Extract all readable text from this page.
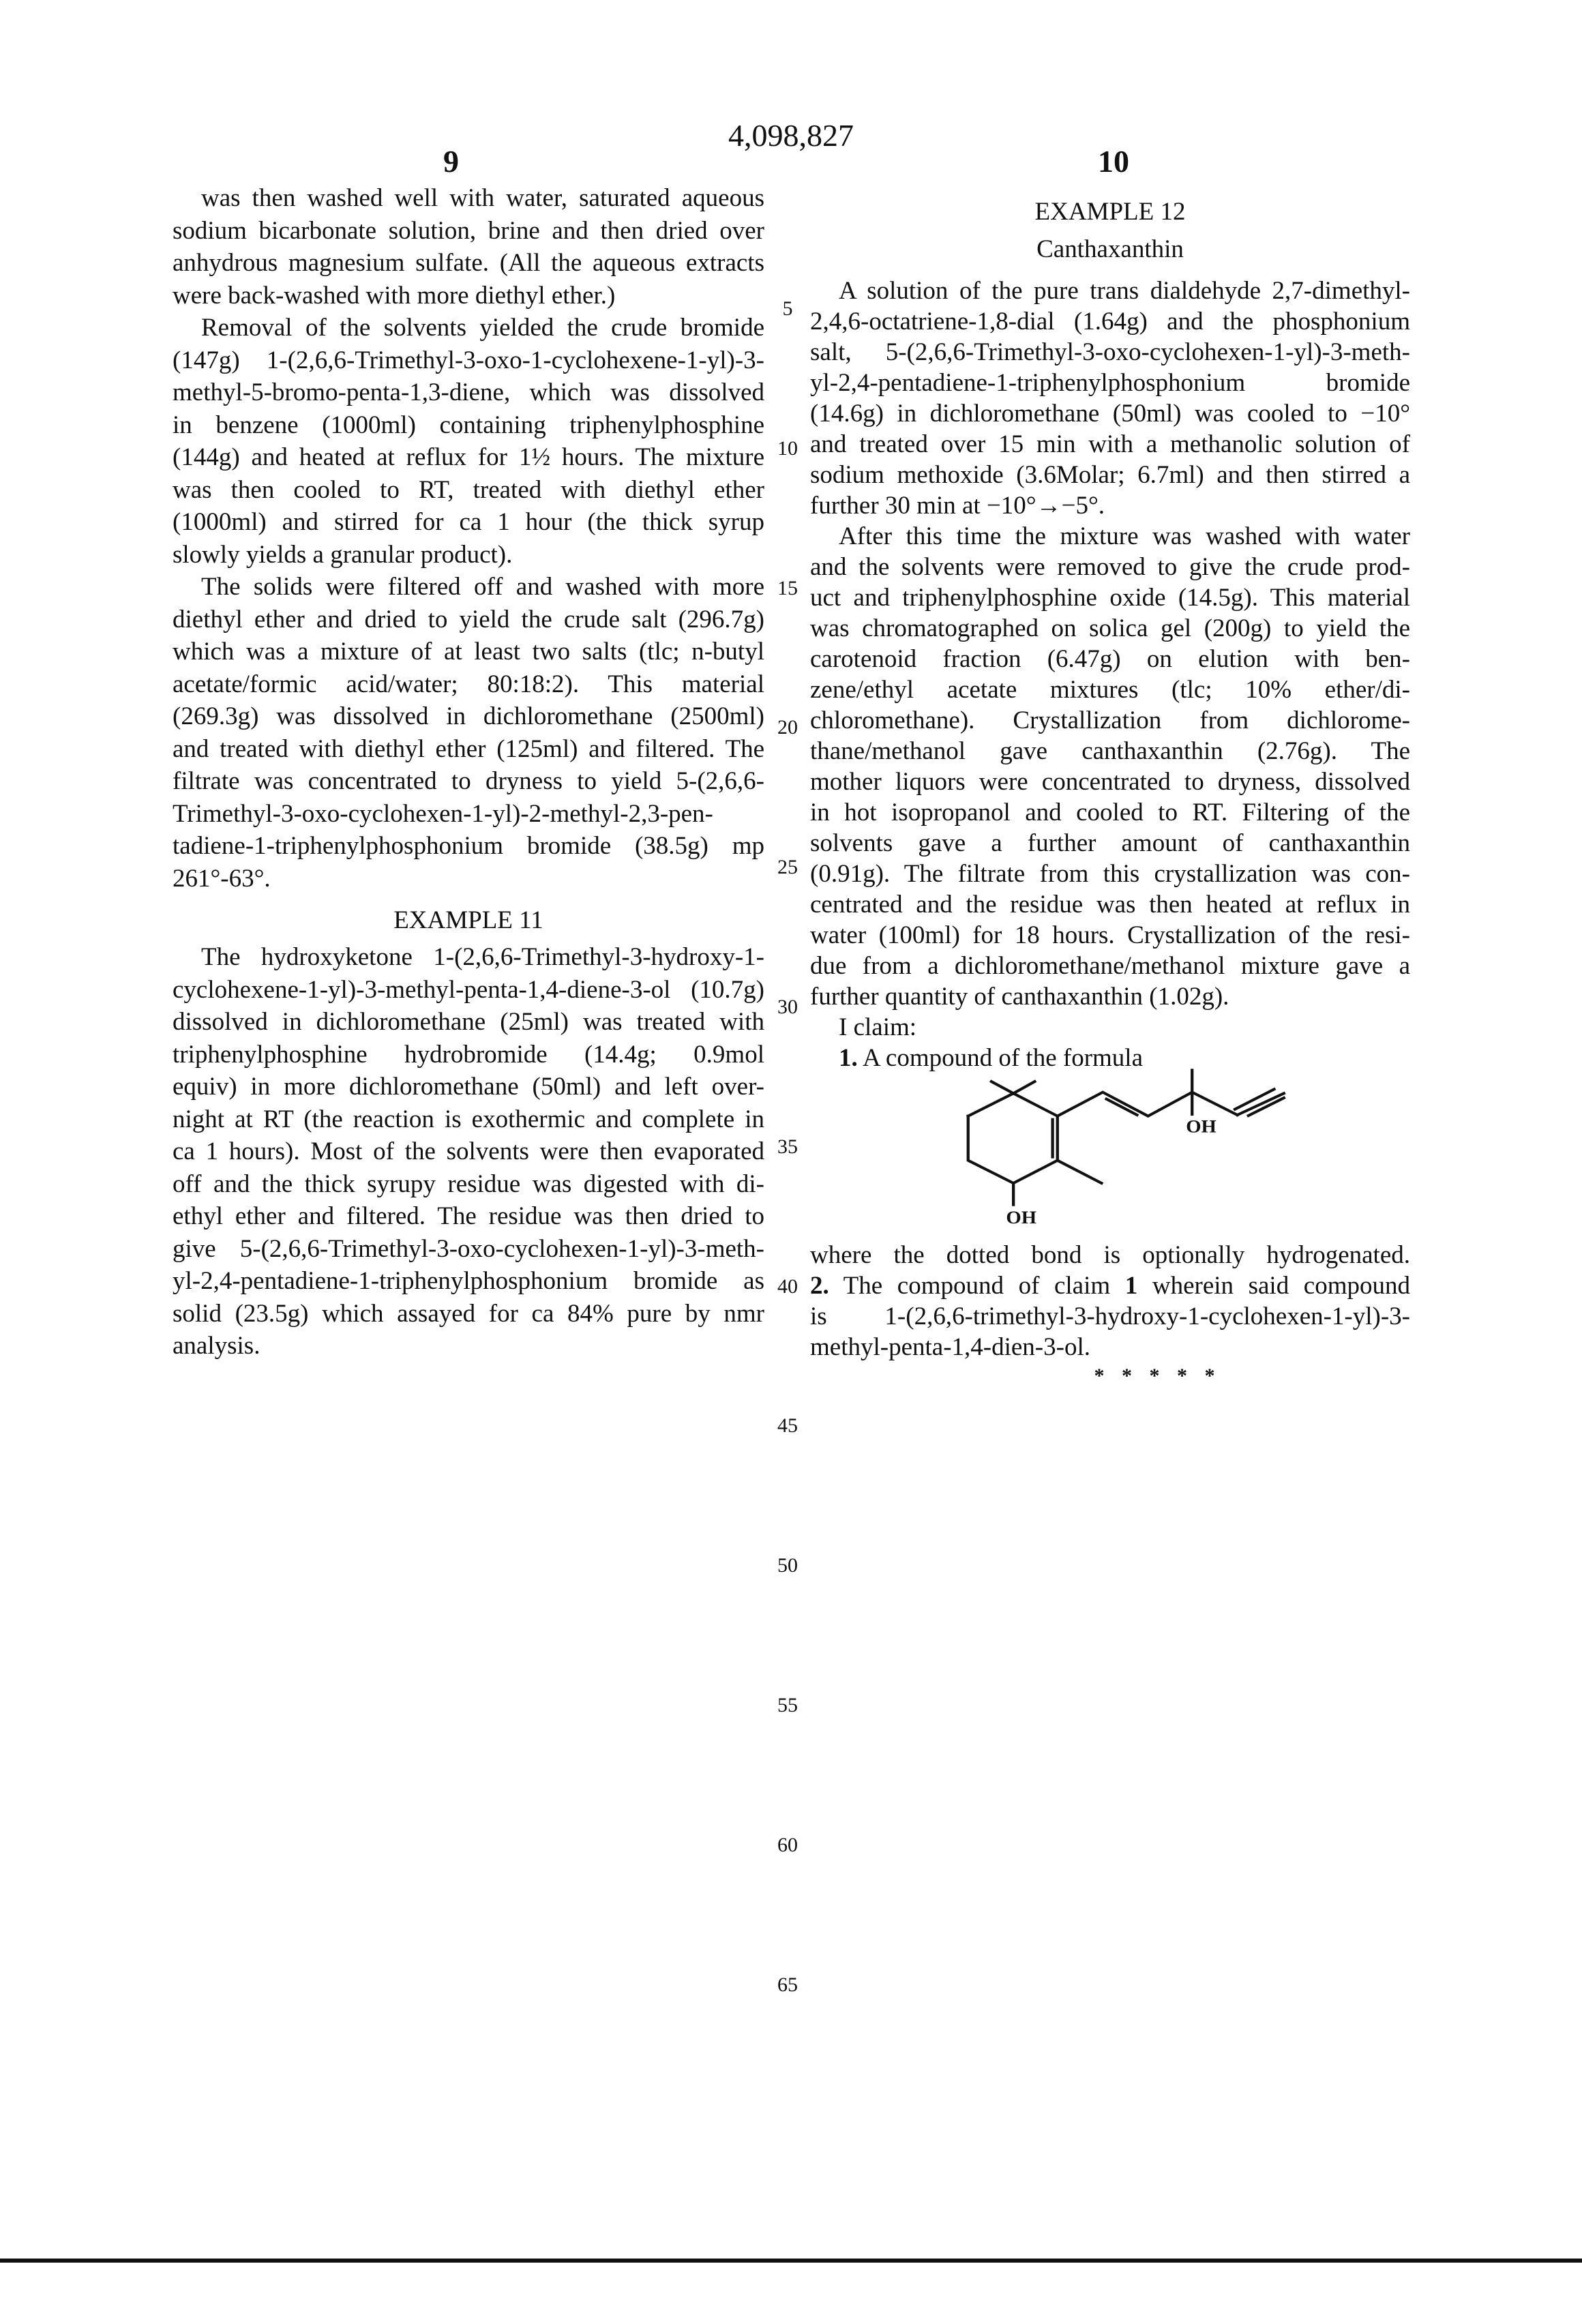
4,098,827
9	10
was then washed well with water, saturated aqueous
sodium bicarbonate solution, brine and then dried over
anhydrous magnesium sulfate. (All the aqueous extracts
were back-washed with more diethyl ether.)
Removal of the solvents yielded the crude bromide
(147g) 1-(2,6,6-Trimethyl-3-oxo-1-cyclohexene-1-yl)-3-
methyl-5-bromo-penta-1,3-diene, which was dissolved
in benzene (1000ml) containing triphenylphosphine
(144g) and heated at reflux for 1½ hours. The mixture
was then cooled to RT, treated with diethyl ether
(1000ml) and stirred for ca 1 hour (the thick syrup
slowly yields a granular product).
The solids were filtered off and washed with more
diethyl ether and dried to yield the crude salt (296.7g)
which was a mixture of at least two salts (tlc; n-butyl
acetate/formic acid/water; 80:18:2). This material
(269.3g) was dissolved in dichloromethane (2500ml)
and treated with diethyl ether (125ml) and filtered. The
filtrate was concentrated to dryness to yield 5-(2,6,6-
Trimethyl-3-oxo-cyclohexen-1-yl)-2-methyl-2,3-pen-
tadiene-1-triphenylphosphonium bromide (38.5g) mp
261°-63°.
EXAMPLE 11
The hydroxyketone 1-(2,6,6-Trimethyl-3-hydroxy-1-
cyclohexene-1-yl)-3-methyl-penta-1,4-diene-3-ol (10.7g)
dissolved in dichloromethane (25ml) was treated with
triphenylphosphine hydrobromide (14.4g; 0.9mol
equiv) in more dichloromethane (50ml) and left over-
night at RT (the reaction is exothermic and complete in
ca 1 hours). Most of the solvents were then evaporated
off and the thick syrupy residue was digested with di-
ethyl ether and filtered. The residue was then dried to
give 5-(2,6,6-Trimethyl-3-oxo-cyclohexen-1-yl)-3-meth-
yl-2,4-pentadiene-1-triphenylphosphonium bromide as
solid (23.5g) which assayed for ca 84% pure by nmr
analysis.
EXAMPLE 12
Canthaxanthin
A solution of the pure trans dialdehyde 2,7-dimethyl-
2,4,6-octatriene-1,8-dial (1.64g) and the phosphonium
salt, 5-(2,6,6-Trimethyl-3-oxo-cyclohexen-1-yl)-3-meth-
yl-2,4-pentadiene-1-triphenylphosphonium bromide
(14.6g) in dichloromethane (50ml) was cooled to −10°
and treated over 15 min with a methanolic solution of
sodium methoxide (3.6Molar; 6.7ml) and then stirred a
further 30 min at −10°→−5°.
After this time the mixture was washed with water
and the solvents were removed to give the crude prod-
uct and triphenylphosphine oxide (14.5g). This material
was chromatographed on solica gel (200g) to yield the
carotenoid fraction (6.47g) on elution with ben-
zene/ethyl acetate mixtures (tlc; 10% ether/di-
chloromethane). Crystallization from dichlorome-
thane/methanol gave canthaxanthin (2.76g). The
mother liquors were concentrated to dryness, dissolved
in hot isopropanol and cooled to RT. Filtering of the
solvents gave a further amount of canthaxanthin
(0.91g). The filtrate from this crystallization was con-
centrated and the residue was then heated at reflux in
water (100ml) for 18 hours. Crystallization of the resi-
due from a dichloromethane/methanol mixture gave a
further quantity of canthaxanthin (1.02g).
I claim:
1. A compound of the formula
OH
OH
where the dotted bond is optionally hydrogenated.
2. The compound of claim 1 wherein said compound
is 1-(2,6,6-trimethyl-3-hydroxy-1-cyclohexen-1-yl)-3-
methyl-penta-1,4-dien-3-ol.
* * * * *
5
10
15
20
25
30
35
40
45
50
55
60
65
